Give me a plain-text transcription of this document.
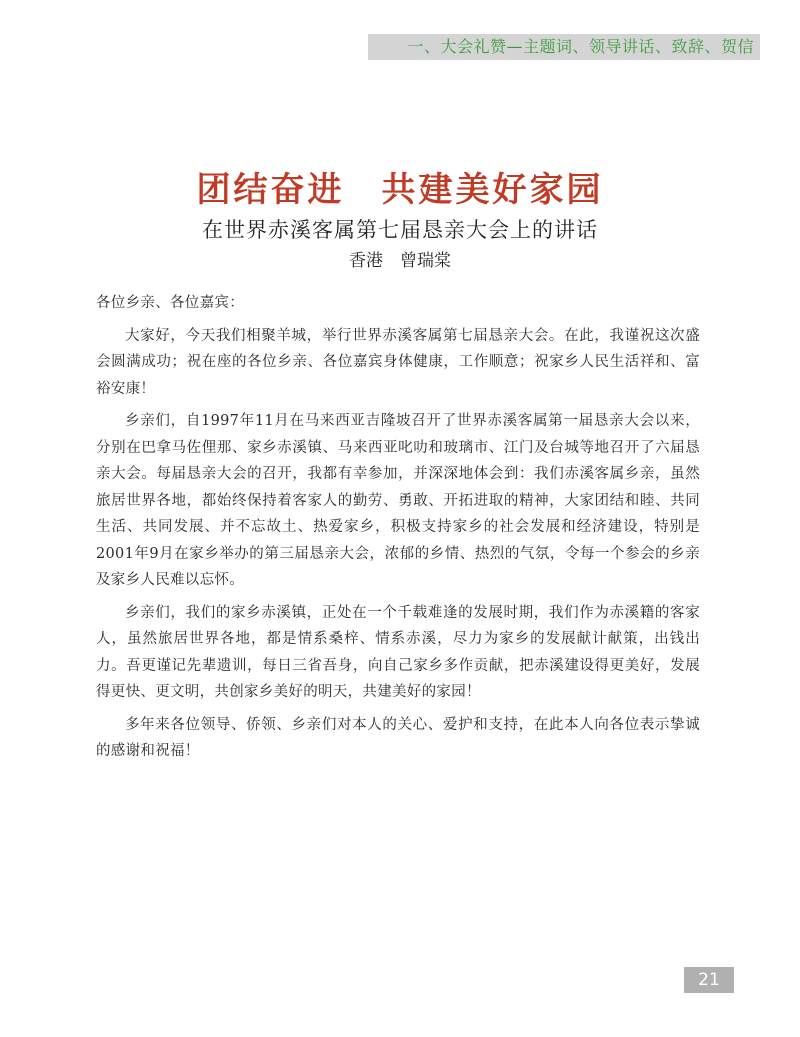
一、大会礼赞—主题词、领导讲话、致辞、贺信
团结奋进　共建美好家园
在世界赤溪客属第七届恳亲大会上的讲话
香港　曾瑞棠

各位乡亲、各位嘉宾：

大家好，今天我们相聚羊城，举行世界赤溪客属第七届恳亲大会。在此，我谨祝这次盛会圆满成功；祝在座的各位乡亲、各位嘉宾身体健康，工作顺意；祝家乡人民生活祥和、富裕安康！

乡亲们，自1997年11月在马来西亚吉隆坡召开了世界赤溪客属第一届恳亲大会以来，分别在巴拿马佐俚那、家乡赤溪镇、马来西亚叱叻和玻璃市、江门及台城等地召开了六届恳亲大会。每届恳亲大会的召开，我都有幸参加，并深深地体会到：我们赤溪客属乡亲，虽然旅居世界各地，都始终保持着客家人的勤劳、勇敢、开拓进取的精神，大家团结和睦、共同生活、共同发展、并不忘故土、热爱家乡，积极支持家乡的社会发展和经济建设，特别是2001年9月在家乡举办的第三届恳亲大会，浓郁的乡情、热烈的气氛，令每一个参会的乡亲及家乡人民难以忘怀。

乡亲们，我们的家乡赤溪镇，正处在一个千载难逢的发展时期，我们作为赤溪籍的客家人，虽然旅居世界各地，都是情系桑梓、情系赤溪，尽力为家乡的发展献计献策，出钱出力。吾更谨记先辈遗训，每日三省吾身，向自己家乡多作贡献，把赤溪建设得更美好，发展得更快、更文明，共创家乡美好的明天，共建美好的家园！

多年来各位领导、侨领、乡亲们对本人的关心、爱护和支持，在此本人向各位表示挚诚的感谢和祝福！

21
